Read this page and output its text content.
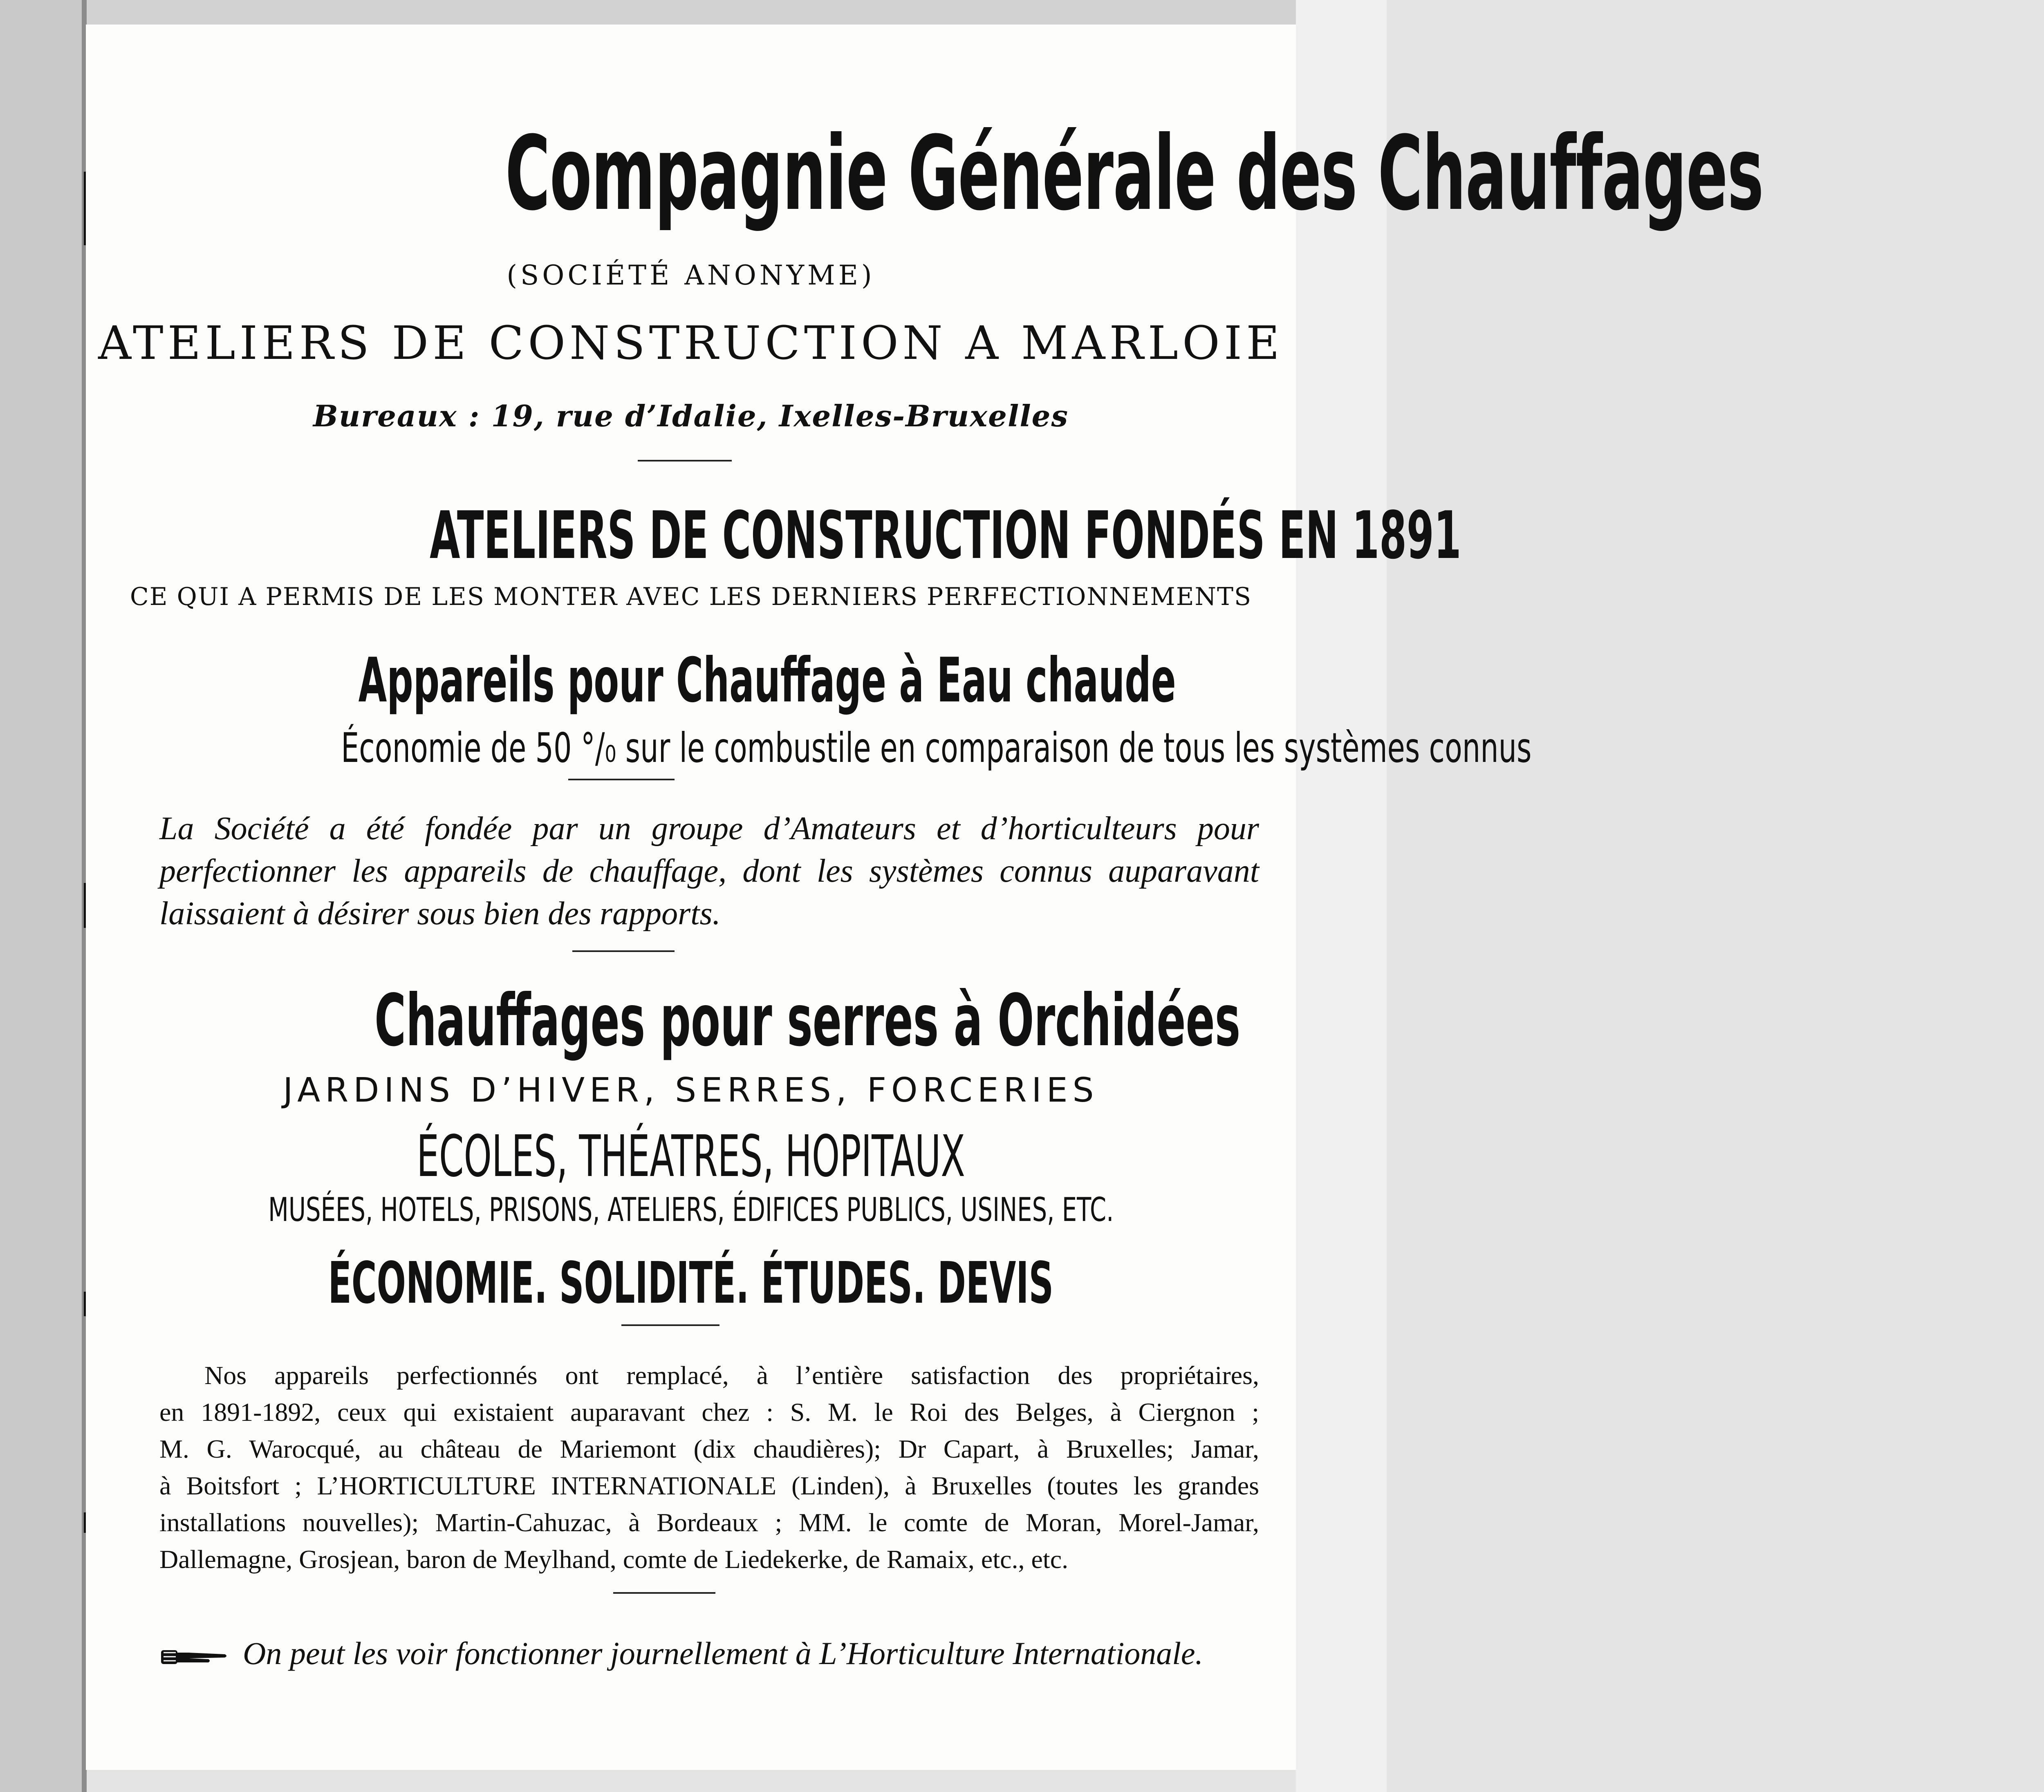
Compagnie Générale des Chauffages
(SOCIÉTÉ ANONYME)
ATELIERS DE CONSTRUCTION A MARLOIE
Bureaux : 19, rue d’Idalie, Ixelles-Bruxelles
ATELIERS DE CONSTRUCTION FONDÉS EN 1891
CE QUI A PERMIS DE LES MONTER AVEC LES DERNIERS PERFECTIONNEMENTS
Appareils pour Chauffage à Eau chaude
Économie de 50 °/₀ sur le combustile en comparaison de tous les systèmes connus
La Société a été fondée par un groupe d’Amateurs et d’horticulteurs pour
perfectionner les appareils de chauffage, dont les systèmes connus auparavant
laissaient à désirer sous bien des rapports.
Chauffages pour serres à Orchidées
JARDINS D’HIVER, SERRES, FORCERIES
ÉCOLES, THÉATRES, HOPITAUX
MUSÉES, HOTELS, PRISONS, ATELIERS, ÉDIFICES PUBLICS, USINES, ETC.
ÉCONOMIE. SOLIDITÉ. ÉTUDES. DEVIS
Nos appareils perfectionnés ont remplacé, à l’entière satisfaction des propriétaires,
en 1891-1892, ceux qui existaient auparavant chez : S. M. le Roi des Belges, à Ciergnon ;
M. G. Warocqué, au château de Mariemont (dix chaudières); Dr Capart, à Bruxelles; Jamar,
à Boitsfort ; L’HORTICULTURE INTERNATIONALE (Linden), à Bruxelles (toutes les grandes
installations nouvelles); Martin-Cahuzac, à Bordeaux ; MM. le comte de Moran, Morel-Jamar,
Dallemagne, Grosjean, baron de Meylhand, comte de Liedekerke, de Ramaix, etc., etc.
On peut les voir fonctionner journellement à L’Horticulture Internationale.
